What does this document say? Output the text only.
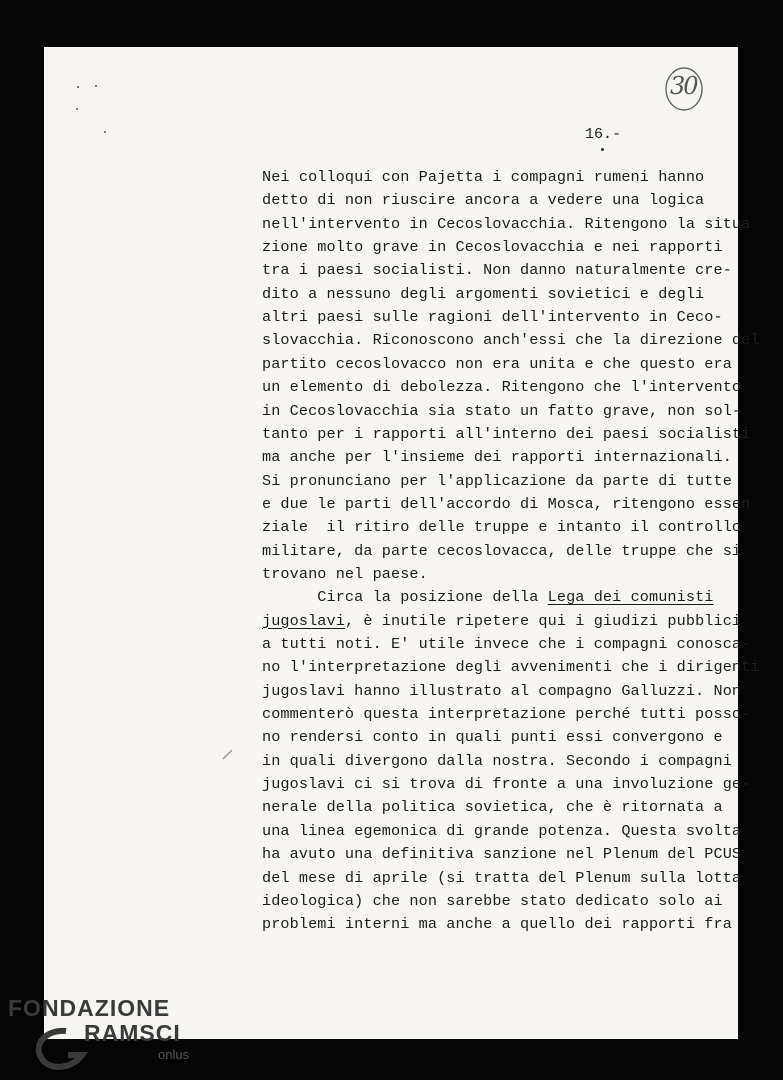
30
16.-
Nei colloqui con Pajetta i compagni rumeni hanno
detto di non riuscire ancora a vedere una logica
nell'intervento in Cecoslovacchia. Ritengono la situa
zione molto grave in Cecoslovacchia e nei rapporti
tra i paesi socialisti. Non danno naturalmente cre-
dito a nessuno degli argomenti sovietici e degli
altri paesi sulle ragioni dell'intervento in Ceco-
slovacchia. Riconoscono anch'essi che la direzione del
partito cecoslovacco non era unita e che questo era
un elemento di debolezza. Ritengono che l'intervento
in Cecoslovacchia sia stato un fatto grave, non sol-
tanto per i rapporti all'interno dei paesi socialisti
ma anche per l'insieme dei rapporti internazionali.
Si pronunciano per l'applicazione da parte di tutte
e due le parti dell'accordo di Mosca, ritengono essen
ziale  il ritiro delle truppe e intanto il controllo
militare, da parte cecoslovacca, delle truppe che si
trovano nel paese.
Circa la posizione della Lega dei comunisti
jugoslavi, è inutile ripetere qui i giudizi pubblici
a tutti noti. E' utile invece che i compagni conosca-
no l'interpretazione degli avvenimenti che i dirigenti
jugoslavi hanno illustrato al compagno Galluzzi. Non
commenterò questa interpretazione perché tutti posso-
no rendersi conto in quali punti essi convergono e
in quali divergono dalla nostra. Secondo i compagni
jugoslavi ci si trova di fronte a una involuzione ge-
nerale della politica sovietica, che è ritornata a
una linea egemonica di grande potenza. Questa svolta
ha avuto una definitiva sanzione nel Plenum del PCUS
del mese di aprile (si tratta del Plenum sulla lotta
ideologica) che non sarebbe stato dedicato solo ai
problemi interni ma anche a quello dei rapporti fra
FONDAZIONE
RAMSCI
onlus
